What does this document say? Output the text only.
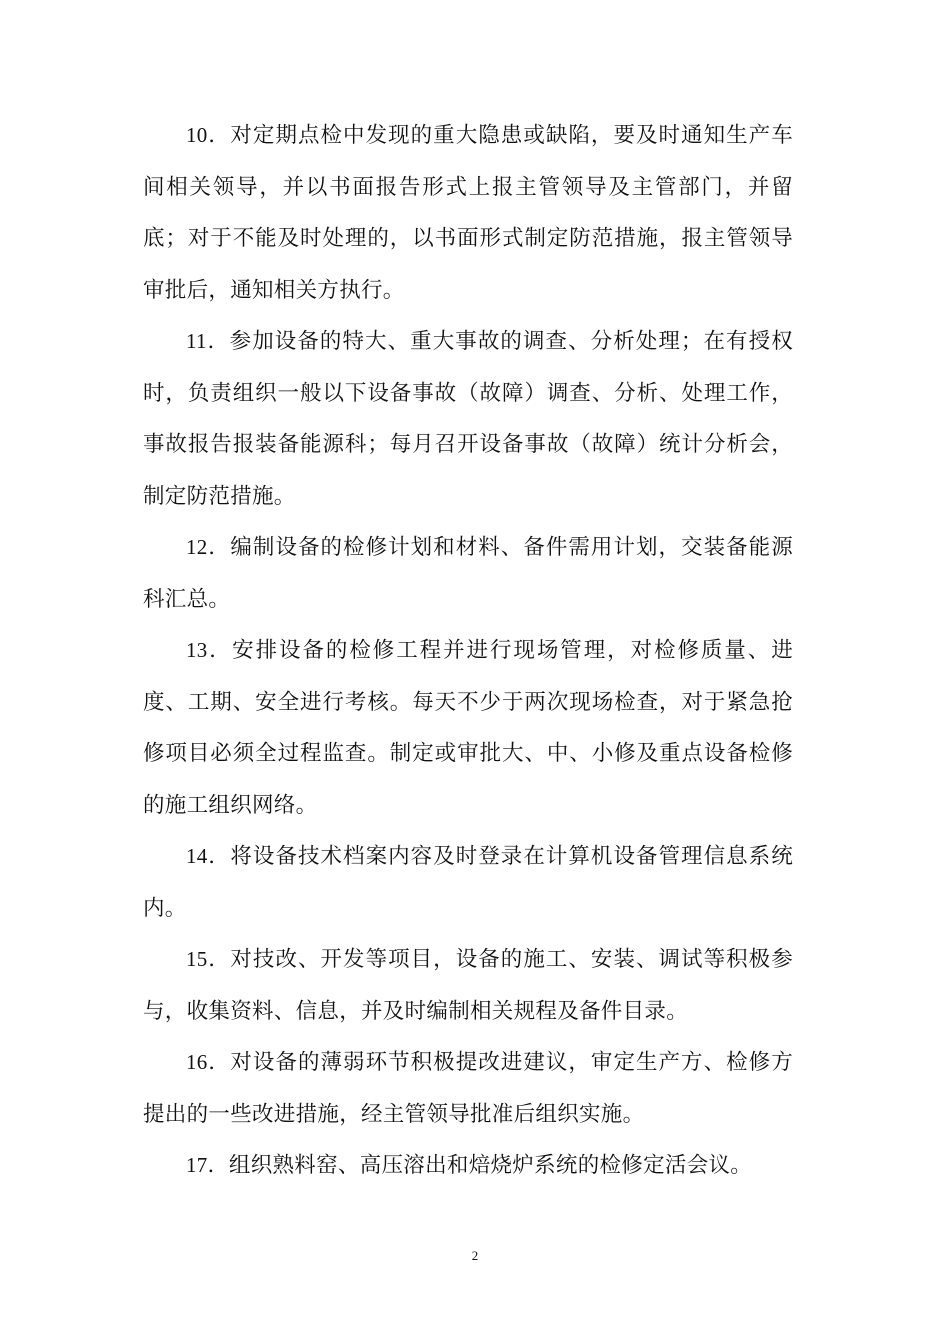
10．对定期点检中发现的重大隐患或缺陷，要及时通知生产车间相关领导，并以书面报告形式上报主管领导及主管部门，并留底；对于不能及时处理的，以书面形式制定防范措施，报主管领导审批后，通知相关方执行。

11．参加设备的特大、重大事故的调查、分析处理；在有授权时，负责组织一般以下设备事故（故障）调查、分析、处理工作，事故报告报装备能源科；每月召开设备事故（故障）统计分析会，制定防范措施。

12．编制设备的检修计划和材料、备件需用计划，交装备能源科汇总。

13．安排设备的检修工程并进行现场管理，对检修质量、进度、工期、安全进行考核。每天不少于两次现场检查，对于紧急抢修项目必须全过程监查。制定或审批大、中、小修及重点设备检修的施工组织网络。

14．将设备技术档案内容及时登录在计算机设备管理信息系统内。

15．对技改、开发等项目，设备的施工、安装、调试等积极参与，收集资料、信息，并及时编制相关规程及备件目录。

16．对设备的薄弱环节积极提改进建议，审定生产方、检修方提出的一些改进措施，经主管领导批准后组织实施。

17．组织熟料窑、高压溶出和焙烧炉系统的检修定活会议。

2
